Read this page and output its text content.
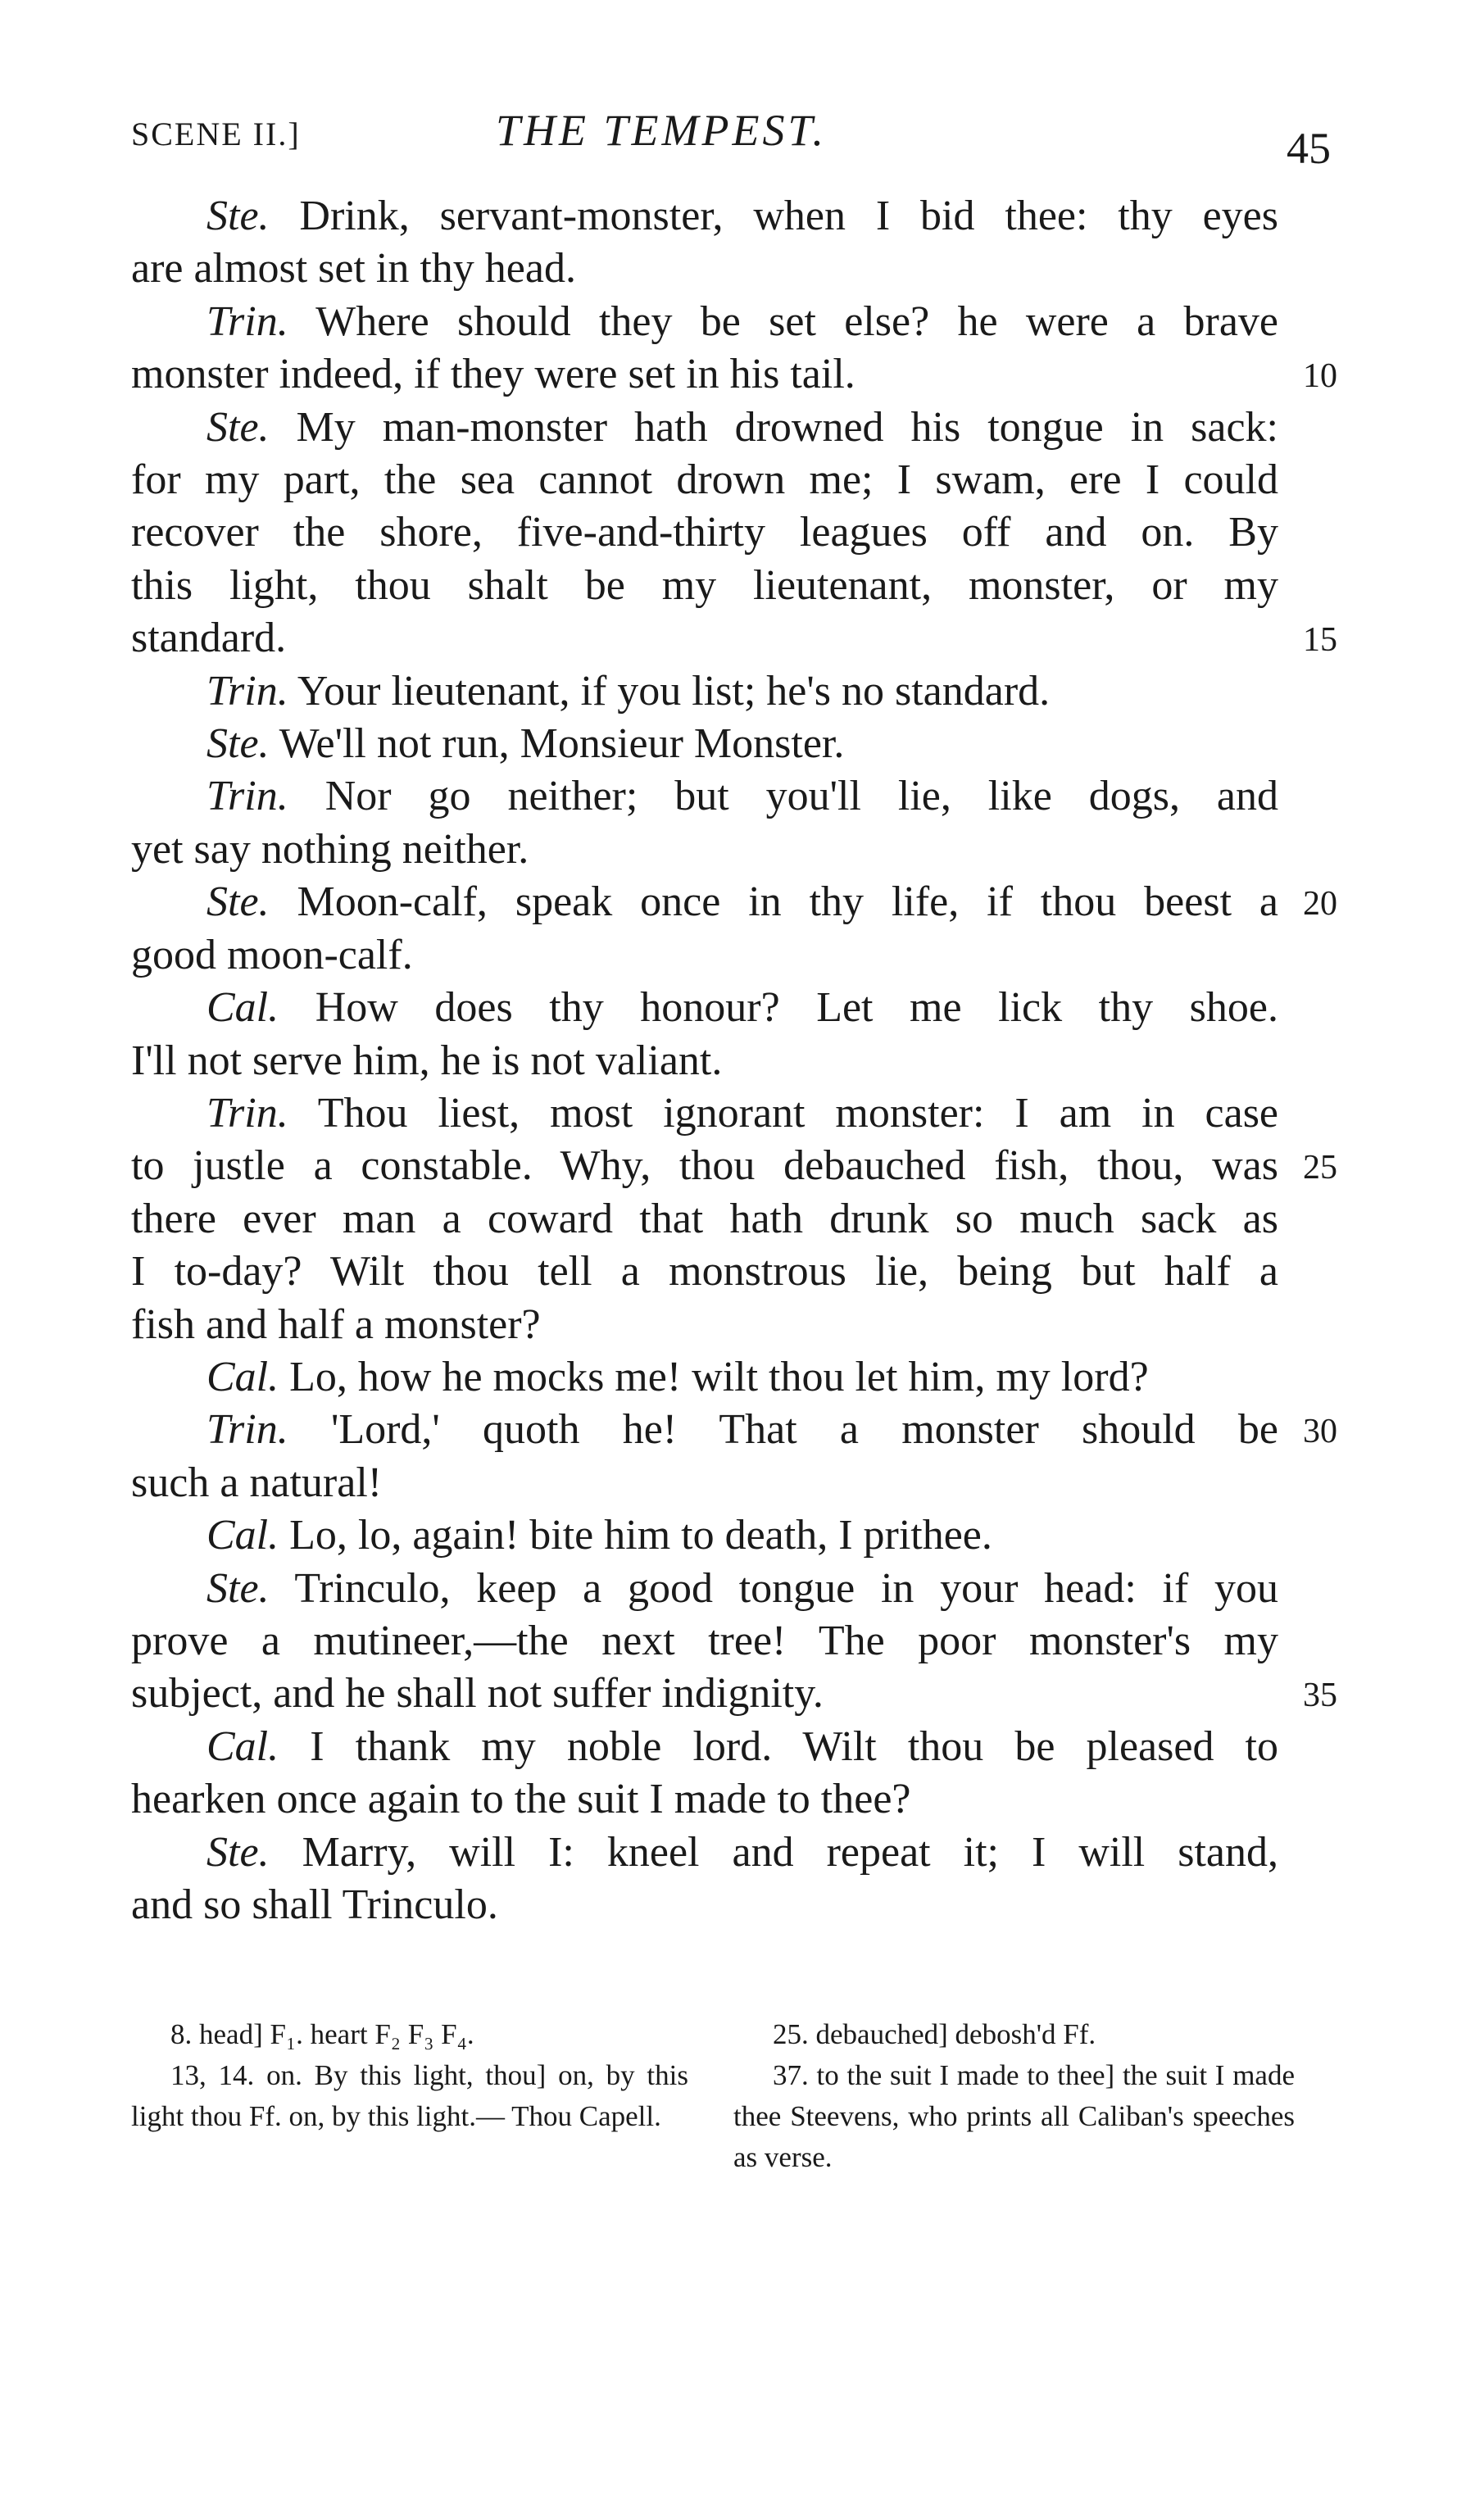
SCENE II.]	THE TEMPEST.	45
Ste. Drink, servant-monster, when I bid thee: thy eyes
are almost set in thy head.
Trin. Where should they be set else? he were a brave
monster indeed, if they were set in his tail.
Ste. My man-monster hath drowned his tongue in sack:
for my part, the sea cannot drown me; I swam, ere I could
recover the shore, five-and-thirty leagues off and on. By
this light, thou shalt be my lieutenant, monster, or my
standard.
Trin. Your lieutenant, if you list; he's no standard.
Ste. We'll not run, Monsieur Monster.
Trin. Nor go neither; but you'll lie, like dogs, and
yet say nothing neither.
Ste. Moon-calf, speak once in thy life, if thou beest a
good moon-calf.
Cal. How does thy honour? Let me lick thy shoe.
I'll not serve him, he is not valiant.
Trin. Thou liest, most ignorant monster: I am in case
to justle a constable. Why, thou debauched fish, thou, was
there ever man a coward that hath drunk so much sack as
I to-day? Wilt thou tell a monstrous lie, being but half a
fish and half a monster?
Cal. Lo, how he mocks me! wilt thou let him, my lord?
Trin. 'Lord,' quoth he! That a monster should be
such a natural!
Cal. Lo, lo, again! bite him to death, I prithee.
Ste. Trinculo, keep a good tongue in your head: if you
prove a mutineer,—the next tree! The poor monster's my
subject, and he shall not suffer indignity.
Cal. I thank my noble lord. Wilt thou be pleased to
hearken once again to the suit I made to thee?
Ste. Marry, will I: kneel and repeat it; I will stand,
and so shall Trinculo.
10
15
20
25
30
35

8. head] F₁. heart F₂ F₃ F₄.

13, 14. on. By this light, thou] on, by this light thou Ff. on, by this light.— Thou Capell.

25. debauched] debosh'd Ff.

37. to the suit I made to thee] the suit I made thee Steevens, who prints all Caliban's speeches as verse.
